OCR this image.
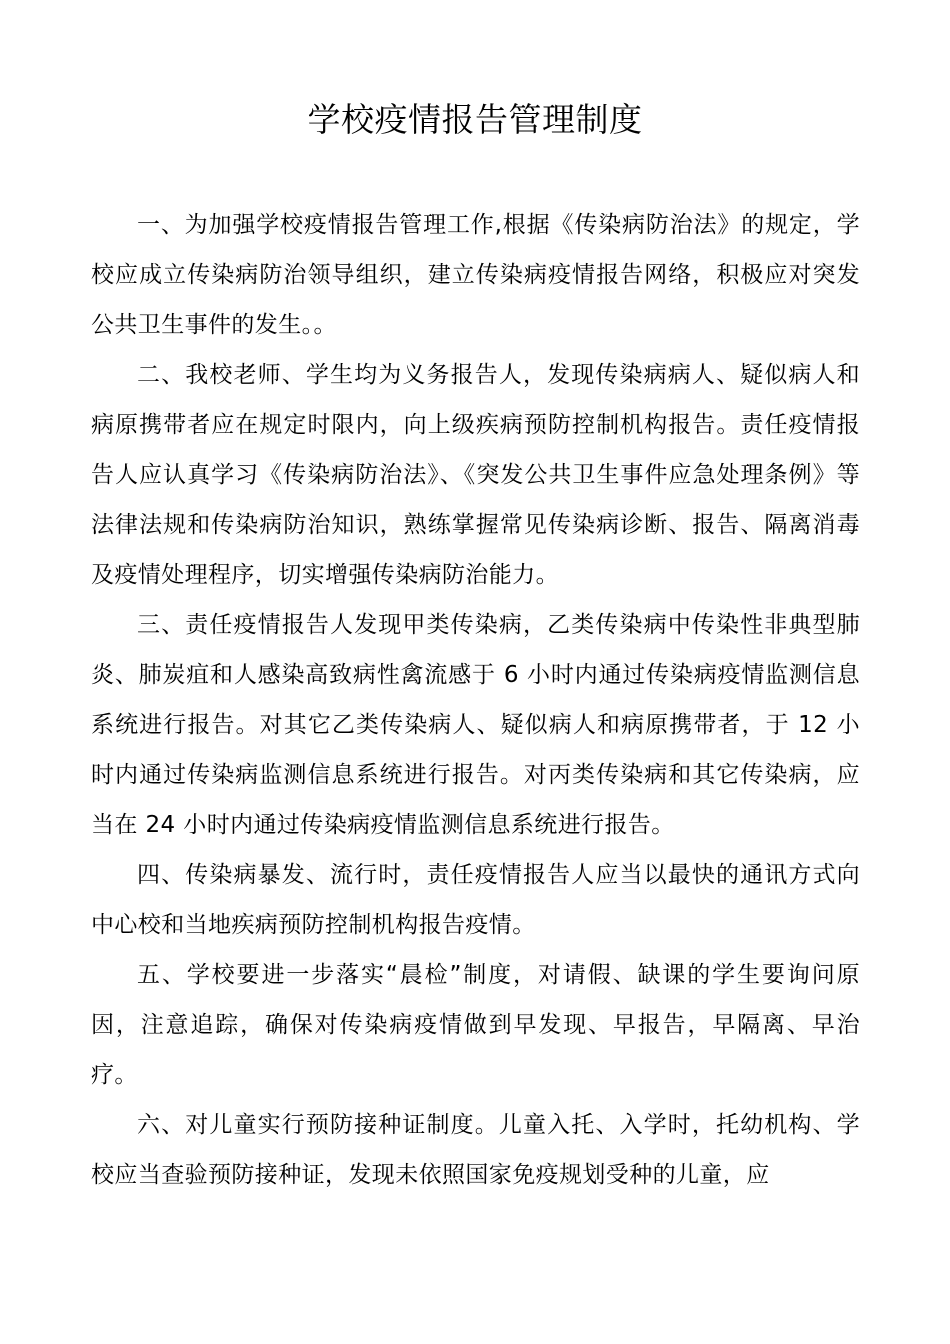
学校疫情报告管理制度

一、为加强学校疫情报告管理工作,根据《传染病防治法》的规定，学校应成立传染病防治领导组织，建立传染病疫情报告网络，积极应对突发公共卫生事件的发生。。

二、我校老师、学生均为义务报告人，发现传染病病人、疑似病人和病原携带者应在规定时限内，向上级疾病预防控制机构报告。责任疫情报告人应认真学习《传染病防治法》、《突发公共卫生事件应急处理条例》等法律法规和传染病防治知识，熟练掌握常见传染病诊断、报告、隔离消毒及疫情处理程序，切实增强传染病防治能力。

三、责任疫情报告人发现甲类传染病，乙类传染病中传染性非典型肺炎、肺炭疽和人感染高致病性禽流感于 6 小时内通过传染病疫情监测信息系统进行报告。对其它乙类传染病人、疑似病人和病原携带者，于 12 小时内通过传染病监测信息系统进行报告。对丙类传染病和其它传染病，应当在 24 小时内通过传染病疫情监测信息系统进行报告。

四、传染病暴发、流行时，责任疫情报告人应当以最快的通讯方式向中心校和当地疾病预防控制机构报告疫情。

五、学校要进一步落实“晨检”制度，对请假、缺课的学生要询问原因，注意追踪，确保对传染病疫情做到早发现、早报告，早隔离、早治疗。

六、对儿童实行预防接种证制度。儿童入托、入学时，托幼机构、学校应当查验预防接种证，发现未依照国家免疫规划受种的儿童，应
